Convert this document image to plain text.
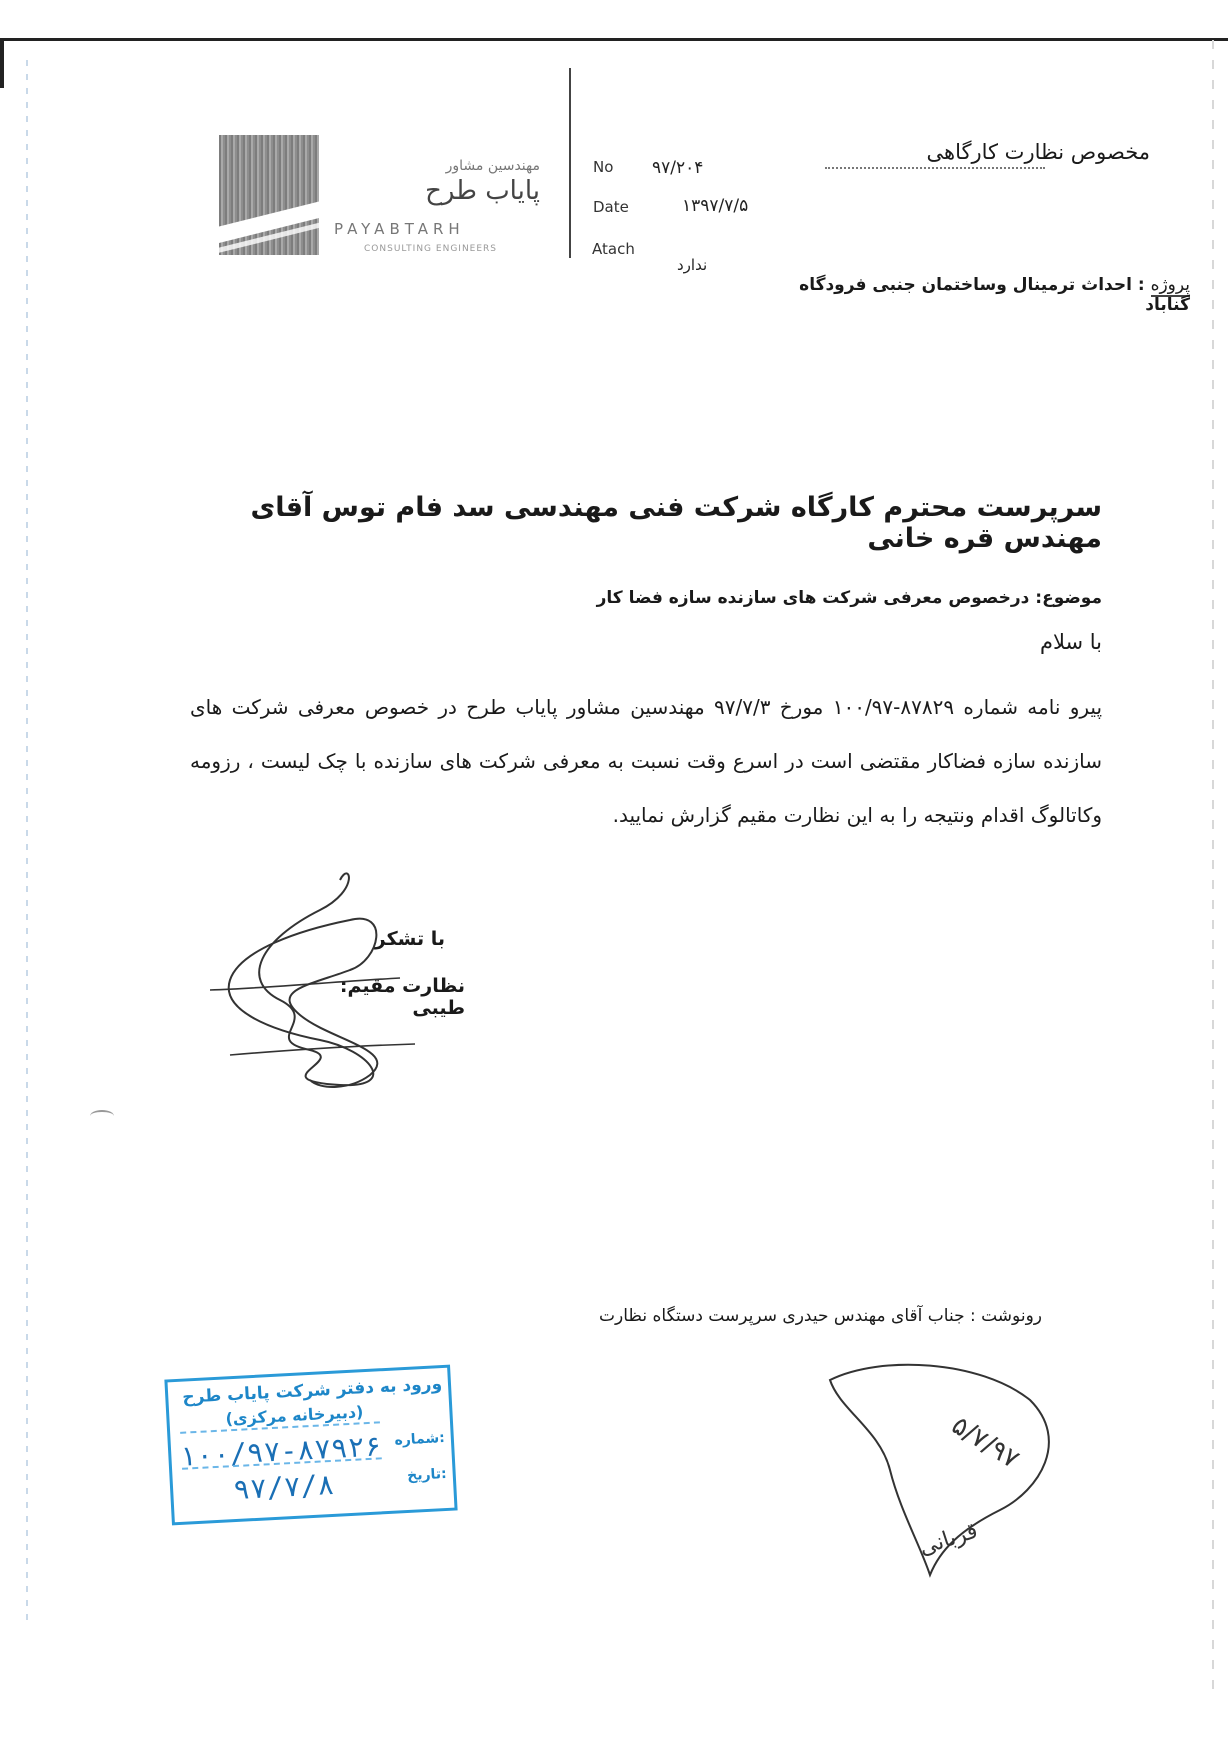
مهندسین مشاور
پاياب طرح
PAYABTARH
CONSULTING ENGINEERS
No ۹۷/۲۰۴
Date	۱۳۹۷/۷/۵
Atach
ندارد
مخصوص نظارت کارگاهی
پروژه : احداث ترمینال وساختمان جنبی فرودگاه گناباد
سرپرست محترم کارگاه شرکت فنی مهندسی سد فام توس آقای مهندس قره خانی
موضوع: درخصوص معرفی شرکت های سازنده سازه فضا کار
با سلام
پیرو نامه شماره ۸۷۸۲۹-۱۰۰/۹۷ مورخ ۹۷/۷/۳ مهندسین مشاور پایاب طرح در خصوص معرفی شرکت های سازنده سازه فضاکار مقتضی است در اسرع وقت نسبت به معرفی شرکت های سازنده با چک لیست ، رزومه وکاتالوگ اقدام ونتیجه را به این نظارت مقیم گزارش نمایید.
با تشکر
نظارت مقیم: طیبی
رونوشت : جناب آقای مهندس حیدری سرپرست دستگاه نظارت
ورود به دفتر شرکت پایاب طرح
(دبیرخانه مرکزی)
شماره:
۱۰۰/۹۷-۸۷۹۲۶
تاریخ:
۹۷/۷/۸
۵/۷/۹۷
قربانی
